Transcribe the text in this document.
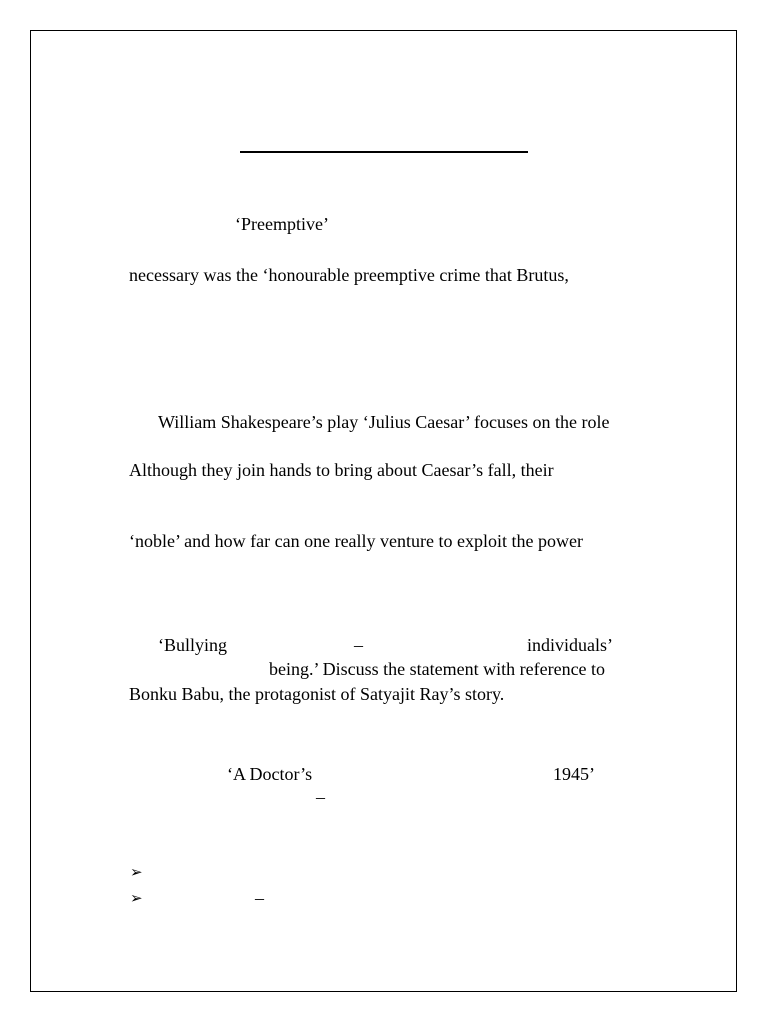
‘Preemptive’
necessary was the ‘honourable preemptive crime that Brutus,
William Shakespeare’s play ‘Julius Caesar’ focuses on the role
Although they join hands to bring about Caesar’s fall, their
‘noble’ and how far can one really venture to exploit the power
‘Bullying	–	individuals’
being.’ Discuss the statement with reference to
Bonku Babu, the protagonist of Satyajit Ray’s story.
‘A Doctor’s	1945’
–
➢
➢	–
